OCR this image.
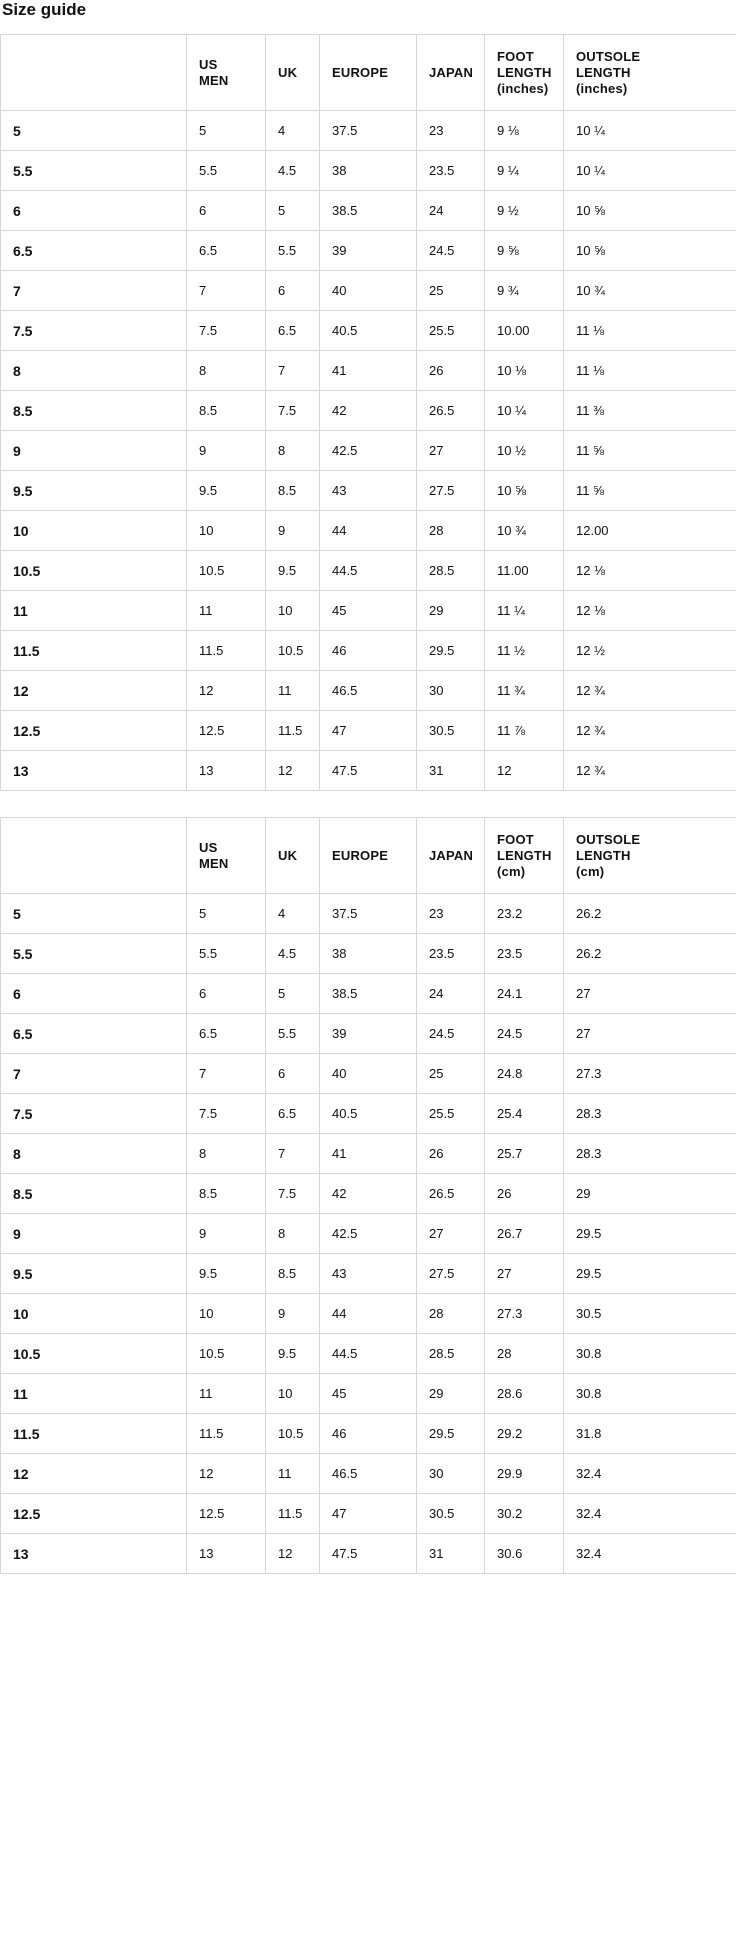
Size guide

	US
MEN	UK	EUROPE	JAPAN	FOOT
LENGTH
(inches)	OUTSOLE
LENGTH
(inches)

5	5	4	37.5	23	9 ⅛	10 ¼
5.5	5.5	4.5	38	23.5	9 ¼	10 ¼
6	6	5	38.5	24	9 ½	10 ⅝
6.5	6.5	5.5	39	24.5	9 ⅝	10 ⅝
7	7	6	40	25	9 ¾	10 ¾
7.5	7.5	6.5	40.5	25.5	10.00	11 ⅛
8	8	7	41	26	10 ⅛	11 ⅛
8.5	8.5	7.5	42	26.5	10 ¼	11 ⅜
9	9	8	42.5	27	10 ½	11 ⅝
9.5	9.5	8.5	43	27.5	10 ⅝	11 ⅝
10	10	9	44	28	10 ¾	12.00
10.5	10.5	9.5	44.5	28.5	11.00	12 ⅛
11	11	10	45	29	11 ¼	12 ⅛
11.5	11.5	10.5	46	29.5	11 ½	12 ½
12	12	11	46.5	30	11 ¾	12 ¾
12.5	12.5	11.5	47	30.5	11 ⅞	12 ¾
13	13	12	47.5	31	12	12 ¾

	US
MEN	UK	EUROPE	JAPAN	FOOT
LENGTH
(cm)	OUTSOLE
LENGTH
(cm)

5	5	4	37.5	23	23.2	26.2
5.5	5.5	4.5	38	23.5	23.5	26.2
6	6	5	38.5	24	24.1	27
6.5	6.5	5.5	39	24.5	24.5	27
7	7	6	40	25	24.8	27.3
7.5	7.5	6.5	40.5	25.5	25.4	28.3
8	8	7	41	26	25.7	28.3
8.5	8.5	7.5	42	26.5	26	29
9	9	8	42.5	27	26.7	29.5
9.5	9.5	8.5	43	27.5	27	29.5
10	10	9	44	28	27.3	30.5
10.5	10.5	9.5	44.5	28.5	28	30.8
11	11	10	45	29	28.6	30.8
11.5	11.5	10.5	46	29.5	29.2	31.8
12	12	11	46.5	30	29.9	32.4
12.5	12.5	11.5	47	30.5	30.2	32.4
13	13	12	47.5	31	30.6	32.4
